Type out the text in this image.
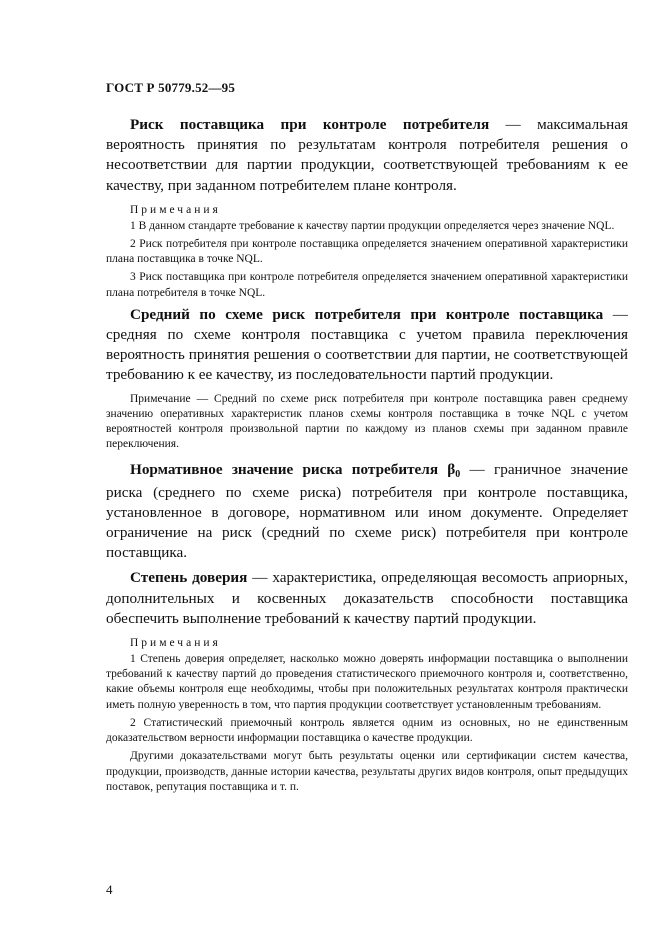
ГОСТ Р 50779.52—95

Риск поставщика при контроле потребителя — максимальная вероятность принятия по результатам контроля потребителя решения о несоответствии для партии продукции, соответствующей требованиям к ее качеству, при заданном потребителем плане контроля.

Примечания

1 В данном стандарте требование к качеству партии продукции определяется через значение NQL.

2 Риск потребителя при контроле поставщика определяется значением оперативной характеристики плана поставщика в точке NQL.

3 Риск поставщика при контроле потребителя определяется значением оперативной характеристики плана потребителя в точке NQL.

Средний по схеме риск потребителя при контроле поставщика — средняя по схеме контроля поставщика с учетом правила переключения вероятность принятия решения о соответствии для партии, не соответствующей требованию к ее качеству, из последовательности партий продукции.

Примечание — Средний по схеме риск потребителя при контроле поставщика равен среднему значению оперативных характеристик планов схемы контроля поставщика в точке NQL с учетом вероятностей контроля произвольной партии по каждому из планов схемы при заданном правиле переключения.

Нормативное значение риска потребителя β0 — граничное значение риска (среднего по схеме риска) потребителя при контроле поставщика, установленное в договоре, нормативном или ином документе. Определяет ограничение на риск (средний по схеме риск) потребителя при контроле поставщика.

Степень доверия — характеристика, определяющая весомость априорных, дополнительных и косвенных доказательств способности поставщика обеспечить выполнение требований к качеству партий продукции.

Примечания

1 Степень доверия определяет, насколько можно доверять информации поставщика о выполнении требований к качеству партий до проведения статистического приемочного контроля и, соответственно, какие объемы контроля еще необходимы, чтобы при положительных результатах контроля практически иметь полную уверенность в том, что партия продукции соответствует установленным требованиям.

2 Статистический приемочный контроль является одним из основных, но не единственным доказательством верности информации поставщика о качестве продукции.

Другими доказательствами могут быть результаты оценки или сертификации систем качества, продукции, производств, данные истории качества, результаты других видов контроля, опыт предыдущих поставок, репутация поставщика и т. п.

4
